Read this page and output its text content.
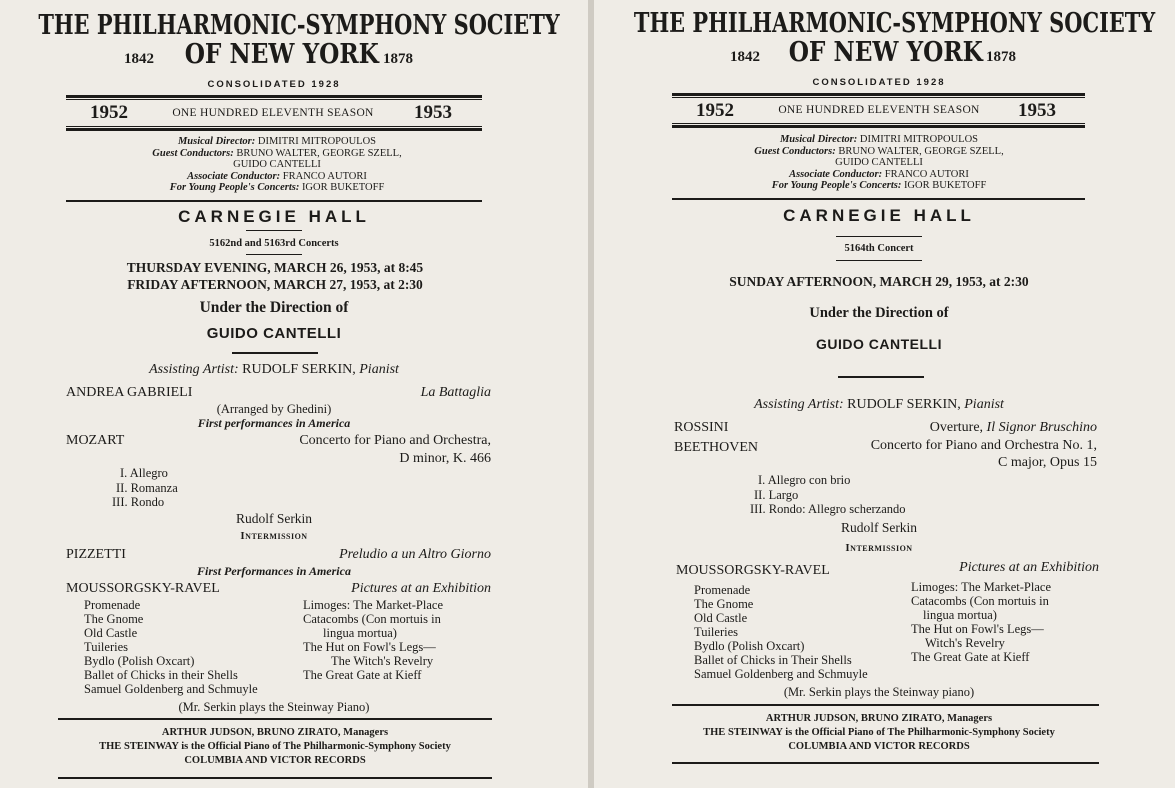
THE PHILHARMONIC-SYMPHONY SOCIETY
1842 OF NEW YORK 1878
CONSOLIDATED 1928
1952	ONE HUNDRED ELEVENTH SEASON	1953
Musical Director: DIMITRI MITROPOULOS
Guest Conductors: BRUNO WALTER, GEORGE SZELL,
GUIDO CANTELLI
Associate Conductor: FRANCO AUTORI
For Young People's Concerts: IGOR BUKETOFF
CARNEGIE HALL
5162nd and 5163rd Concerts
THURSDAY EVENING, MARCH 26, 1953, at 8:45
FRIDAY AFTERNOON, MARCH 27, 1953, at 2:30
Under the Direction of
GUIDO CANTELLI
Assisting Artist: RUDOLF SERKIN, Pianist
ANDREA GABRIELI	La Battaglia
(Arranged by Ghedini)
First performances in America
MOZART	Concerto for Piano and Orchestra,
D minor, K. 466
I. Allegro
II. Romanza
III. Rondo
Rudolf Serkin
Intermission
PIZZETTI	Preludio a un Altro Giorno
First Performances in America
MOUSSORGSKY-RAVEL	Pictures at an Exhibition
Promenade
The Gnome
Old Castle
Tuileries
Bydlo (Polish Oxcart)
Ballet of Chicks in their Shells
Samuel Goldenberg and Schmuyle
Limoges: The Market-Place
Catacombs (Con mortuis in
lingua mortua)
The Hut on Fowl's Legs—
The Witch's Revelry
The Great Gate at Kieff
(Mr. Serkin plays the Steinway Piano)
ARTHUR JUDSON, BRUNO ZIRATO, Managers
THE STEINWAY is the Official Piano of The Philharmonic-Symphony Society
COLUMBIA AND VICTOR RECORDS
THE PHILHARMONIC-SYMPHONY SOCIETY
1842 OF NEW YORK 1878
CONSOLIDATED 1928
1952	ONE HUNDRED ELEVENTH SEASON	1953
Musical Director: DIMITRI MITROPOULOS
Guest Conductors: BRUNO WALTER, GEORGE SZELL,
GUIDO CANTELLI
Associate Conductor: FRANCO AUTORI
For Young People's Concerts: IGOR BUKETOFF
CARNEGIE HALL
5164th Concert
SUNDAY AFTERNOON, MARCH 29, 1953, at 2:30
Under the Direction of
GUIDO CANTELLI
Assisting Artist: RUDOLF SERKIN, Pianist
ROSSINI	Overture, Il Signor Bruschino
BEETHOVEN	Concerto for Piano and Orchestra No. 1,
C major, Opus 15
I. Allegro con brio
II. Largo
III. Rondo: Allegro scherzando
Rudolf Serkin
Intermission
MOUSSORGSKY-RAVEL	Pictures at an Exhibition
Promenade
The Gnome
Old Castle
Tuileries
Bydlo (Polish Oxcart)
Ballet of Chicks in Their Shells
Samuel Goldenberg and Schmuyle
Limoges: The Market-Place
Catacombs (Con mortuis in
lingua mortua)
The Hut on Fowl's Legs—
Witch's Revelry
The Great Gate at Kieff
(Mr. Serkin plays the Steinway piano)
ARTHUR JUDSON, BRUNO ZIRATO, Managers
THE STEINWAY is the Official Piano of The Philharmonic-Symphony Society
COLUMBIA AND VICTOR RECORDS
